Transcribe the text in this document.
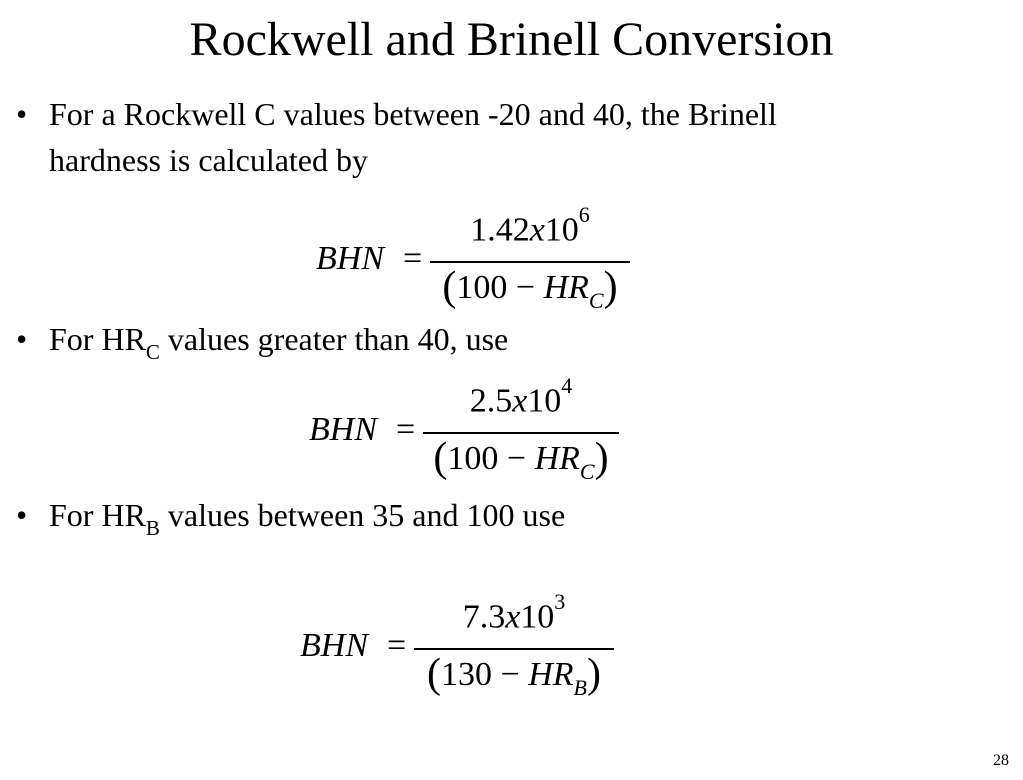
Rockwell and Brinell Conversion
• For a Rockwell C values between -20 and 40, the Brinell
hardness is calculated by
BHN =
$1.42x10^6$
$(100 - HR_C)$
• For $HR_C$ values greater than 40, use
BHN =
$2.5x10^4$
$(100 - HR_C)$
• For $HR_B$ values between 35 and 100 use
BHN =
$7.3x10^3$
$(130 - HR_B)$
28
